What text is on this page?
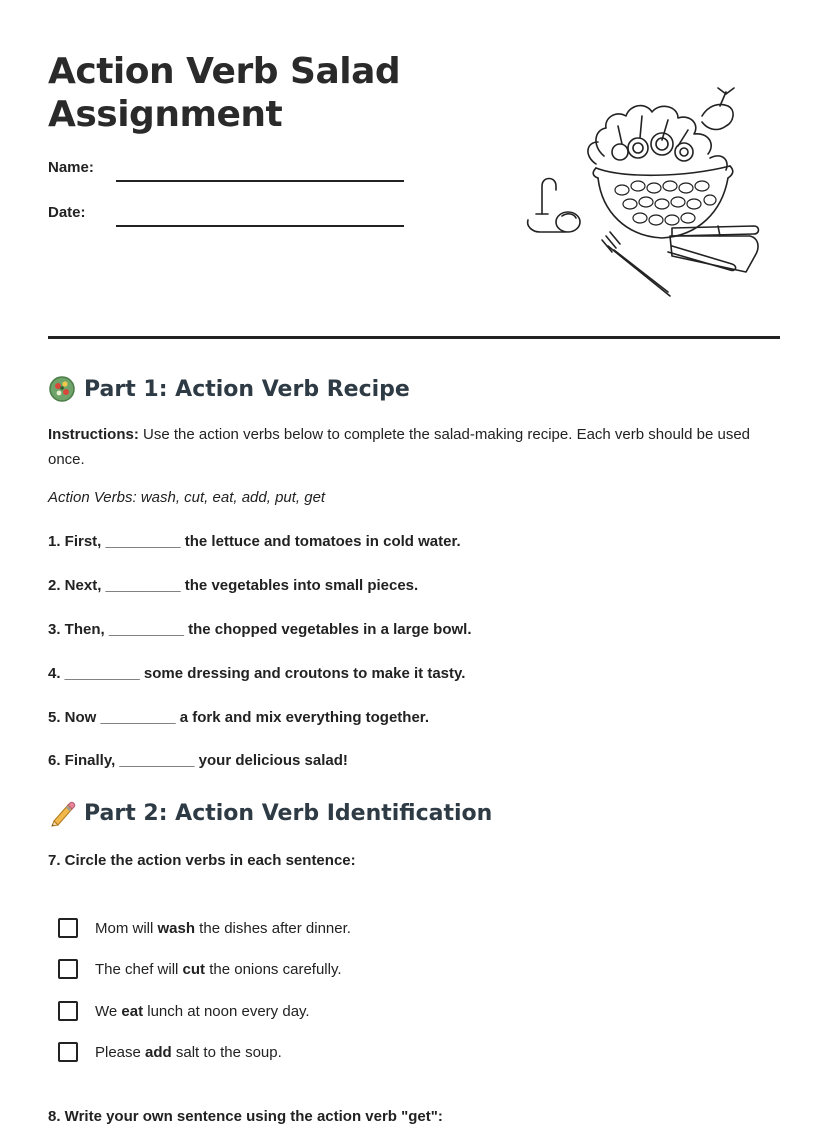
Action Verb Salad Assignment
Name:
Date:
Part 1: Action Verb Recipe
Instructions: Use the action verbs below to complete the salad-making recipe. Each verb should be used once.
Action Verbs: wash, cut, eat, add, put, get
1. First, _________ the lettuce and tomatoes in cold water.
2. Next, _________ the vegetables into small pieces.
3. Then, _________ the chopped vegetables in a large bowl.
4. _________ some dressing and croutons to make it tasty.
5. Now _________ a fork and mix everything together.
6. Finally, _________ your delicious salad!
Part 2: Action Verb Identification
7. Circle the action verbs in each sentence:
Mom will wash the dishes after dinner.
The chef will cut the onions carefully.
We eat lunch at noon every day.
Please add salt to the soup.
8. Write your own sentence using the action verb "get":
